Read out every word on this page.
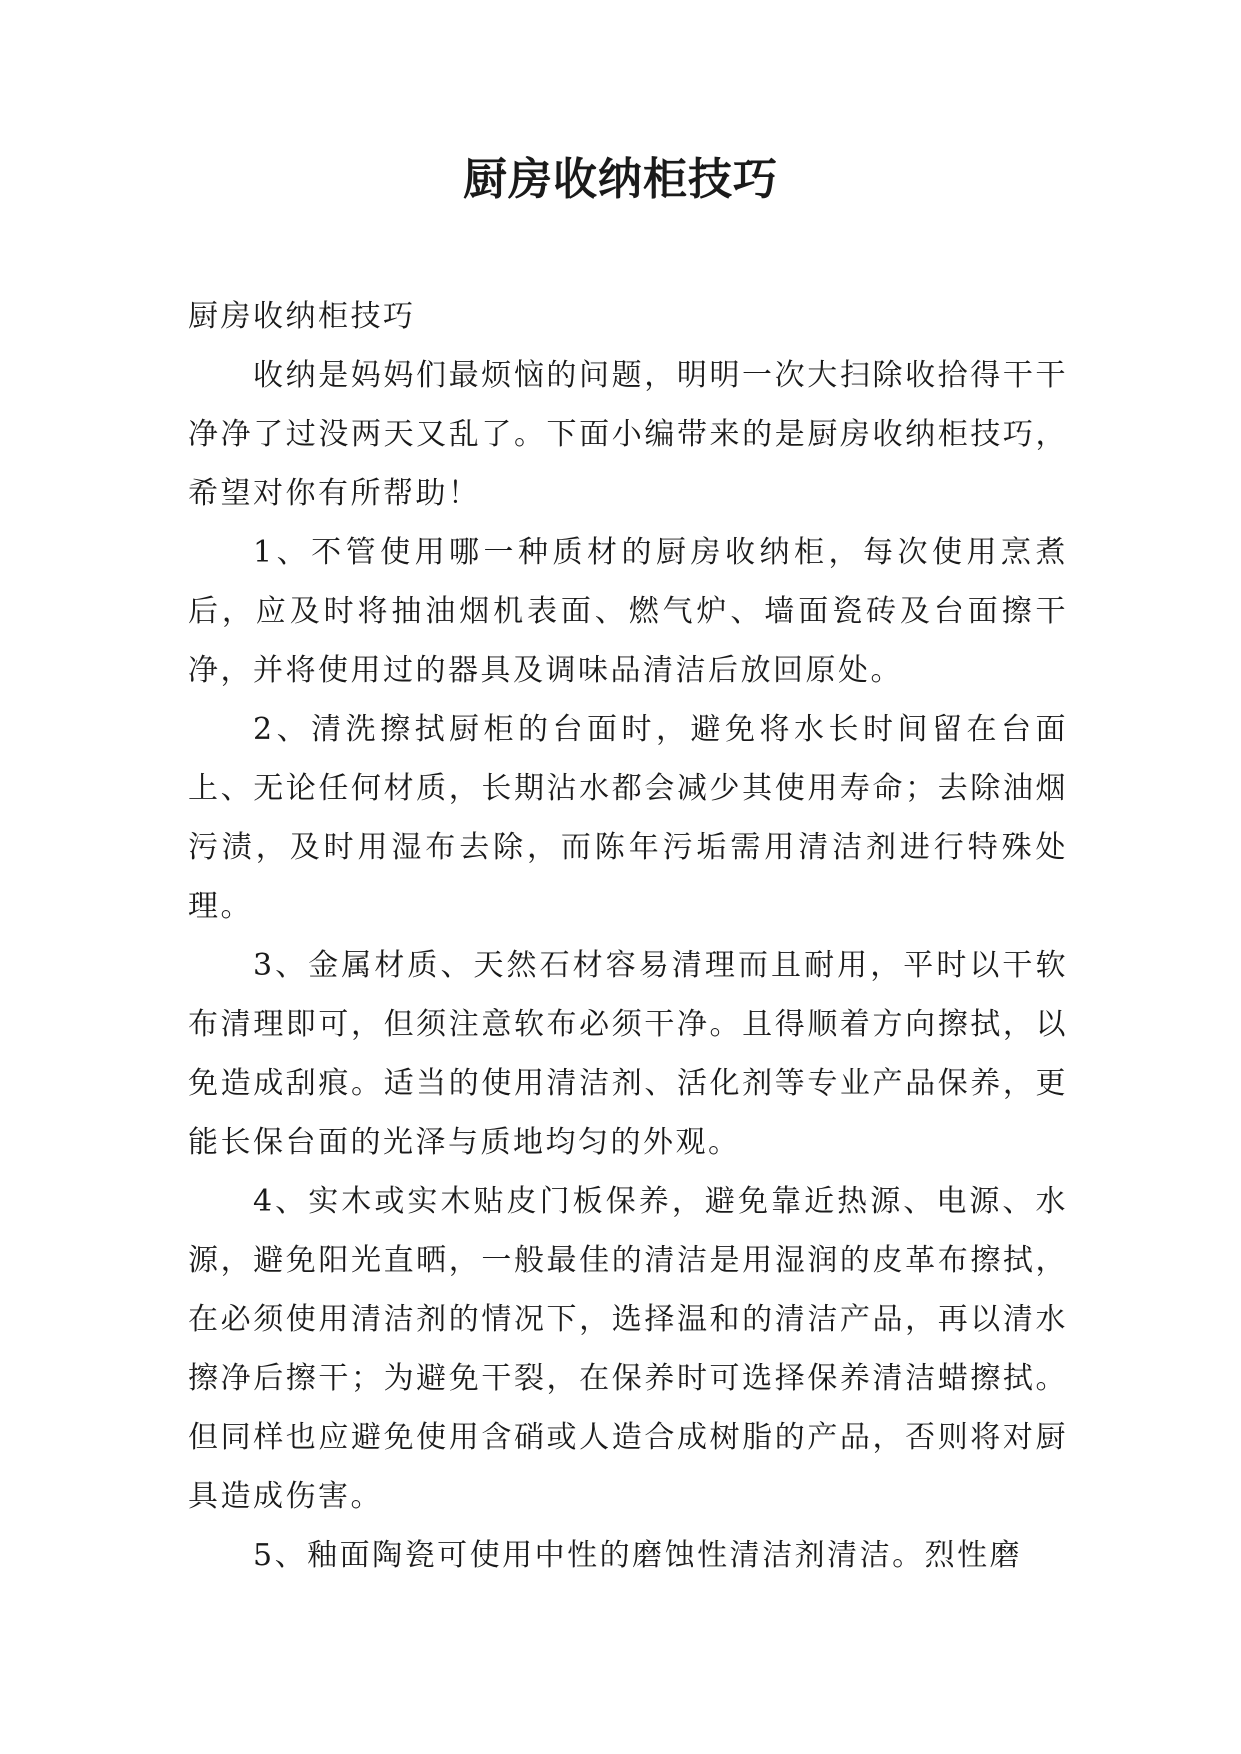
厨房收纳柜技巧

厨房收纳柜技巧

收纳是妈妈们最烦恼的问题，明明一次大扫除收拾得干干净净了过没两天又乱了。下面小编带来的是厨房收纳柜技巧，希望对你有所帮助！

1、不管使用哪一种质材的厨房收纳柜，每次使用烹煮后，应及时将抽油烟机表面、燃气炉、墙面瓷砖及台面擦干净，并将使用过的器具及调味品清洁后放回原处。

2、清洗擦拭厨柜的台面时，避免将水长时间留在台面上、无论任何材质，长期沾水都会减少其使用寿命；去除油烟污渍，及时用湿布去除，而陈年污垢需用清洁剂进行特殊处理。

3、金属材质、天然石材容易清理而且耐用，平时以干软布清理即可，但须注意软布必须干净。且得顺着方向擦拭，以免造成刮痕。适当的使用清洁剂、活化剂等专业产品保养，更能长保台面的光泽与质地均匀的外观。

4、实木或实木贴皮门板保养，避免靠近热源、电源、水源，避免阳光直晒，一般最佳的清洁是用湿润的皮革布擦拭，在必须使用清洁剂的情况下，选择温和的清洁产品，再以清水擦净后擦干；为避免干裂，在保养时可选择保养清洁蜡擦拭。但同样也应避免使用含硝或人造合成树脂的产品，否则将对厨具造成伤害。

5、釉面陶瓷可使用中性的磨蚀性清洁剂清洁。烈性磨
